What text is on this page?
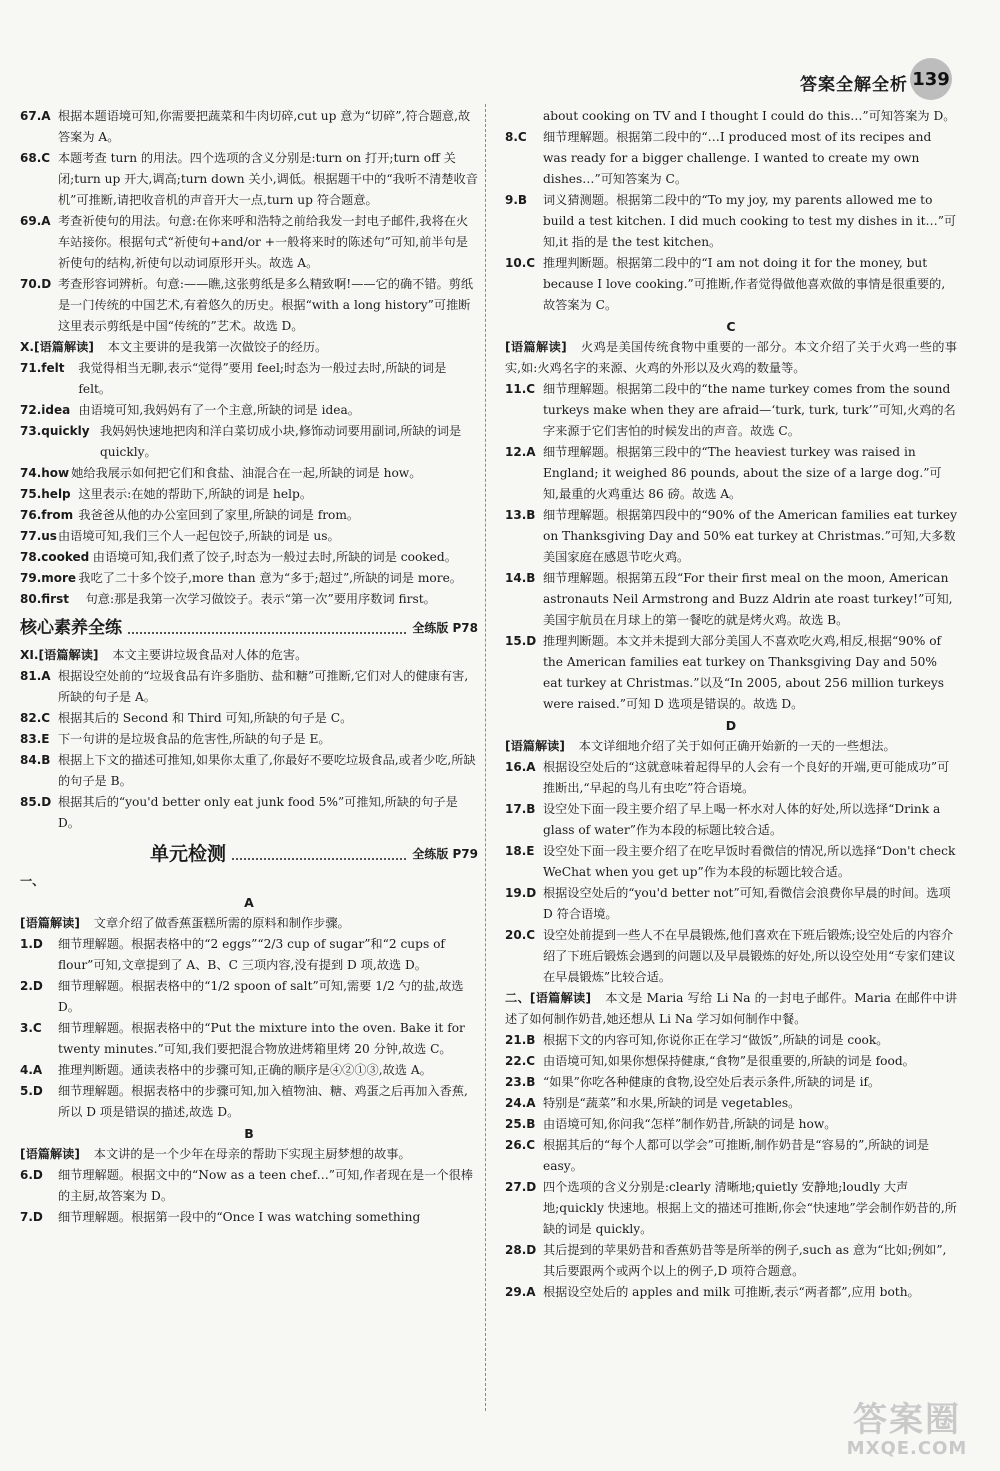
答案全解全析 139

67.A 根据本题语境可知,你需要把蔬菜和牛肉切碎,cut up 意为“切碎”,符合题意,故答案为 A。

68.C 本题考查 turn 的用法。四个选项的含义分别是:turn on 打开;turn off 关闭;turn up 开大,调高;turn down 关小,调低。根据题干中的“我听不清楚收音机”可推断,请把收音机的声音开大一点,turn up 符合题意。

69.A 考查祈使句的用法。句意:在你来呼和浩特之前给我发一封电子邮件,我将在火车站接你。根据句式“祈使句+and/or +一般将来时的陈述句”可知,前半句是祈使句的结构,祈使句以动词原形开头。故选 A。

70.D 考查形容词辨析。句意:——瞧,这张剪纸是多么精致啊!——它的确不错。剪纸是一门传统的中国艺术,有着悠久的历史。根据“with a long history”可推断这里表示剪纸是中国“传统的”艺术。故选 D。

X.[语篇解读] 本文主要讲的是我第一次做饺子的经历。

71.felt 我觉得相当无聊,表示“觉得”要用 feel;时态为一般过去时,所缺的词是 felt。

72.idea 由语境可知,我妈妈有了一个主意,所缺的词是 idea。

73.quickly 我妈妈快速地把肉和洋白菜切成小块,修饰动词要用副词,所缺的词是 quickly。

74.how 她给我展示如何把它们和食盐、油混合在一起,所缺的词是 how。

75.help 这里表示:在她的帮助下,所缺的词是 help。

76.from 我爸爸从他的办公室回到了家里,所缺的词是 from。

77.us 由语境可知,我们三个人一起包饺子,所缺的词是 us。

78.cooked 由语境可知,我们煮了饺子,时态为一般过去时,所缺的词是 cooked。

79.more 我吃了二十多个饺子,more than 意为“多于;超过”,所缺的词是 more。

80.first 句意:那是我第一次学习做饺子。表示“第一次”要用序数词 first。

核心素养全练	全练版 P78

XI.[语篇解读] 本文主要讲垃圾食品对人体的危害。

81.A 根据设空处前的“垃圾食品有许多脂肪、盐和糖”可推断,它们对人的健康有害,所缺的句子是 A。

82.C 根据其后的 Second 和 Third 可知,所缺的句子是 C。

83.E 下一句讲的是垃圾食品的危害性,所缺的句子是 E。

84.B 根据上下文的描述可推知,如果你太重了,你最好不要吃垃圾食品,或者少吃,所缺的句子是 B。

85.D 根据其后的“you'd better only eat junk food 5%”可推知,所缺的句子是 D。

单元检测	全练版 P79

一、

A

[语篇解读] 文章介绍了做香蕉蛋糕所需的原料和制作步骤。

1.D 细节理解题。根据表格中的“2 eggs”“2/3 cup of sugar”和“2 cups of flour”可知,文章提到了 A、B、C 三项内容,没有提到 D 项,故选 D。

2.D 细节理解题。根据表格中的“1/2 spoon of salt”可知,需要 1/2 勺的盐,故选 D。

3.C 细节理解题。根据表格中的“Put the mixture into the oven. Bake it for twenty minutes.”可知,我们要把混合物放进烤箱里烤 20 分钟,故选 C。

4.A 推理判断题。通读表格中的步骤可知,正确的顺序是④②①③,故选 A。

5.D 细节理解题。根据表格中的步骤可知,加入植物油、糖、鸡蛋之后再加入香蕉,所以 D 项是错误的描述,故选 D。

B

[语篇解读] 本文讲的是一个少年在母亲的帮助下实现主厨梦想的故事。

6.D 细节理解题。根据文中的“Now as a teen chef…”可知,作者现在是一个很棒的主厨,故答案为 D。

7.D 细节理解题。根据第一段中的“Once I was watching something

about cooking on TV and I thought I could do this…”可知答案为 D。

8.C 细节理解题。根据第二段中的“…I produced most of its recipes and was ready for a bigger challenge. I wanted to create my own dishes…”可知答案为 C。

9.B 词义猜测题。根据第二段中的“To my joy, my parents allowed me to build a test kitchen. I did much cooking to test my dishes in it…”可知,it 指的是 the test kitchen。

10.C 推理判断题。根据第二段中的“I am not doing it for the money, but because I love cooking.”可推断,作者觉得做他喜欢做的事情是很重要的,故答案为 C。

C

[语篇解读] 火鸡是美国传统食物中重要的一部分。本文介绍了关于火鸡一些的事实,如:火鸡名字的来源、火鸡的外形以及火鸡的数量等。

11.C 细节理解题。根据第二段中的“the name turkey comes from the sound turkeys make when they are afraid—‘turk, turk, turk’”可知,火鸡的名字来源于它们害怕的时候发出的声音。故选 C。

12.A 细节理解题。根据第三段中的“The heaviest turkey was raised in England; it weighed 86 pounds, about the size of a large dog.”可知,最重的火鸡重达 86 磅。故选 A。

13.B 细节理解题。根据第四段中的“90% of the American families eat turkey on Thanksgiving Day and 50% eat turkey at Christmas.”可知,大多数美国家庭在感恩节吃火鸡。

14.B 细节理解题。根据第五段“For their first meal on the moon, American astronauts Neil Armstrong and Buzz Aldrin ate roast turkey!”可知,美国宇航员在月球上的第一餐吃的就是烤火鸡。故选 B。

15.D 推理判断题。本文并未提到大部分美国人不喜欢吃火鸡,相反,根据“90% of the American families eat turkey on Thanksgiving Day and 50% eat turkey at Christmas.”以及“In 2005, about 256 million turkeys were raised.”可知 D 选项是错误的。故选 D。

D

[语篇解读] 本文详细地介绍了关于如何正确开始新的一天的一些想法。

16.A 根据设空处后的“这就意味着起得早的人会有一个良好的开端,更可能成功”可推断出,“早起的鸟儿有虫吃”符合语境。

17.B 设空处下面一段主要介绍了早上喝一杯水对人体的好处,所以选择“Drink a glass of water”作为本段的标题比较合适。

18.E 设空处下面一段主要介绍了在吃早饭时看微信的情况,所以选择“Don't check WeChat when you get up”作为本段的标题比较合适。

19.D 根据设空处后的“you'd better not”可知,看微信会浪费你早晨的时间。选项 D 符合语境。

20.C 设空处前提到一些人不在早晨锻炼,他们喜欢在下班后锻炼;设空处后的内容介绍了下班后锻炼会遇到的问题以及早晨锻炼的好处,所以设空处用“专家们建议在早晨锻炼”比较合适。

二、[语篇解读] 本文是 Maria 写给 Li Na 的一封电子邮件。Maria 在邮件中讲述了如何制作奶昔,她还想从 Li Na 学习如何制作中餐。

21.B 根据下文的内容可知,你说你正在学习“做饭”,所缺的词是 cook。

22.C 由语境可知,如果你想保持健康,“食物”是很重要的,所缺的词是 food。

23.B “如果”你吃各种健康的食物,设空处后表示条件,所缺的词是 if。

24.A 特别是“蔬菜”和水果,所缺的词是 vegetables。

25.B 由语境可知,你问我“怎样”制作奶昔,所缺的词是 how。

26.C 根据其后的“每个人都可以学会”可推断,制作奶昔是“容易的”,所缺的词是 easy。

27.D 四个选项的含义分别是:clearly 清晰地;quietly 安静地;loudly 大声地;quickly 快速地。根据上文的描述可推断,你会“快速地”学会制作奶昔的,所缺的词是 quickly。

28.D 其后提到的苹果奶昔和香蕉奶昔等是所举的例子,such as 意为“比如;例如”,其后要跟两个或两个以上的例子,D 项符合题意。

29.A 根据设空处后的 apples and milk 可推断,表示“两者都”,应用 both。

答案圈
MXQE.COM
